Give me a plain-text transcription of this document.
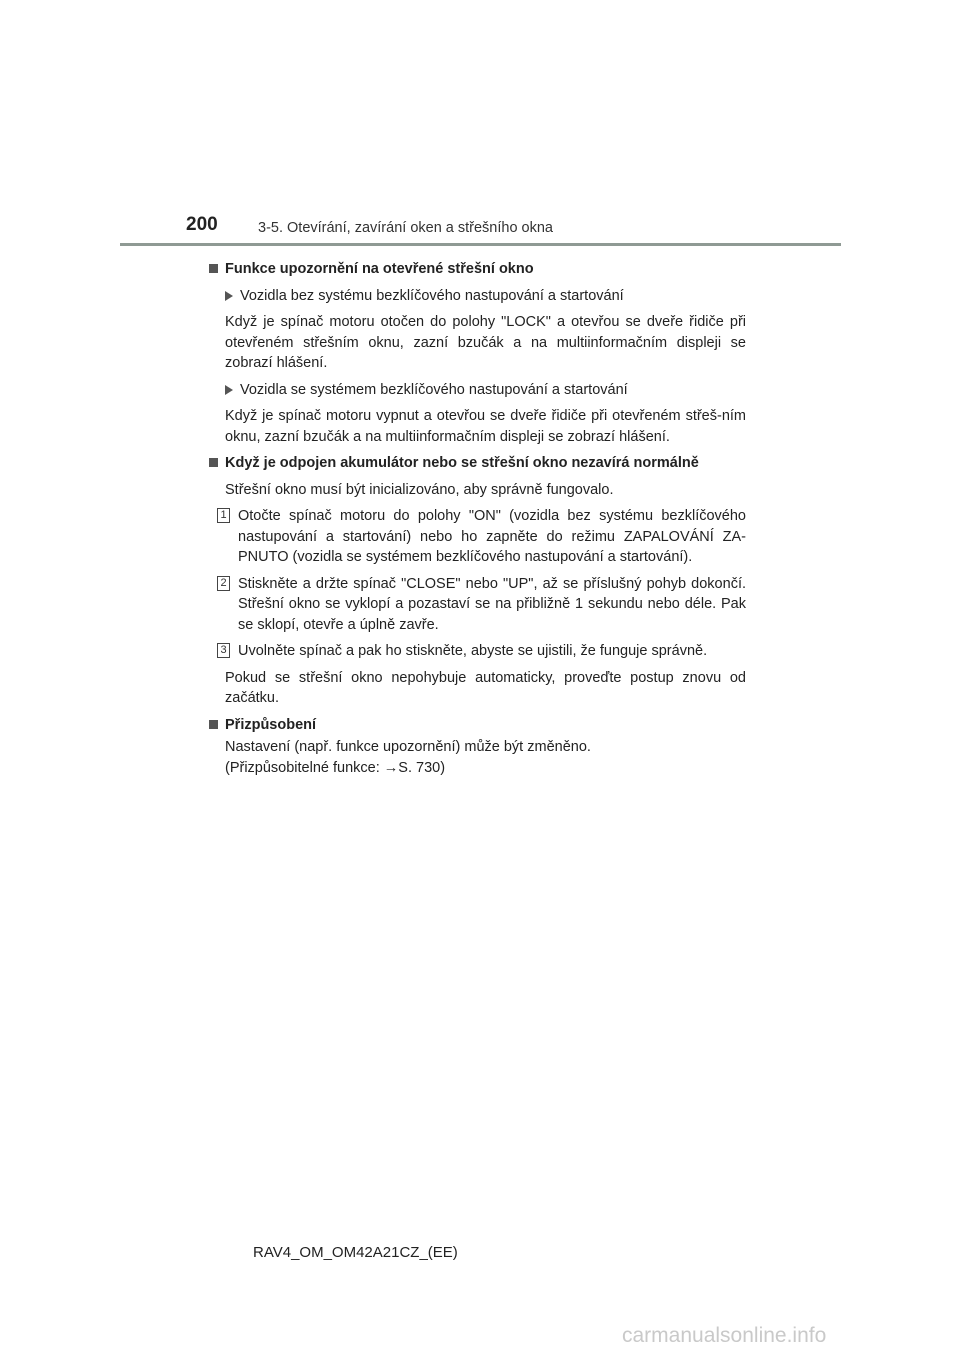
200	3-5. Otevírání, zavírání oken a střešního okna
Funkce upozornění na otevřené střešní okno
Vozidla bez systému bezklíčového nastupování a startování
Když je spínač motoru otočen do polohy "LOCK" a otevřou se dveře řidiče při otevřeném střešním oknu, zazní bzučák a na multiinformačním displeji se zobrazí hlášení.
Vozidla se systémem bezklíčového nastupování a startování
Když je spínač motoru vypnut a otevřou se dveře řidiče při otevřeném střeš-ním oknu, zazní bzučák a na multiinformačním displeji se zobrazí hlášení.
Když je odpojen akumulátor nebo se střešní okno nezavírá normálně
Střešní okno musí být inicializováno, aby správně fungovalo.
1 Otočte spínač motoru do polohy "ON" (vozidla bez systému bezklíčového nastupování a startování) nebo ho zapněte do režimu ZAPALOVÁNÍ ZA-PNUTO (vozidla se systémem bezklíčového nastupování a startování).
2 Stiskněte a držte spínač "CLOSE" nebo "UP", až se příslušný pohyb dokončí. Střešní okno se vyklopí a pozastaví se na přibližně 1 sekundu nebo déle. Pak se sklopí, otevře a úplně zavře.
3 Uvolněte spínač a pak ho stiskněte, abyste se ujistili, že funguje správně.
Pokud se střešní okno nepohybuje automaticky, proveďte postup znovu od začátku.
Přizpůsobení
Nastavení (např. funkce upozornění) může být změněno.
(Přizpůsobitelné funkce: →S. 730)
RAV4_OM_OM42A21CZ_(EE)
carmanualsonline.info
